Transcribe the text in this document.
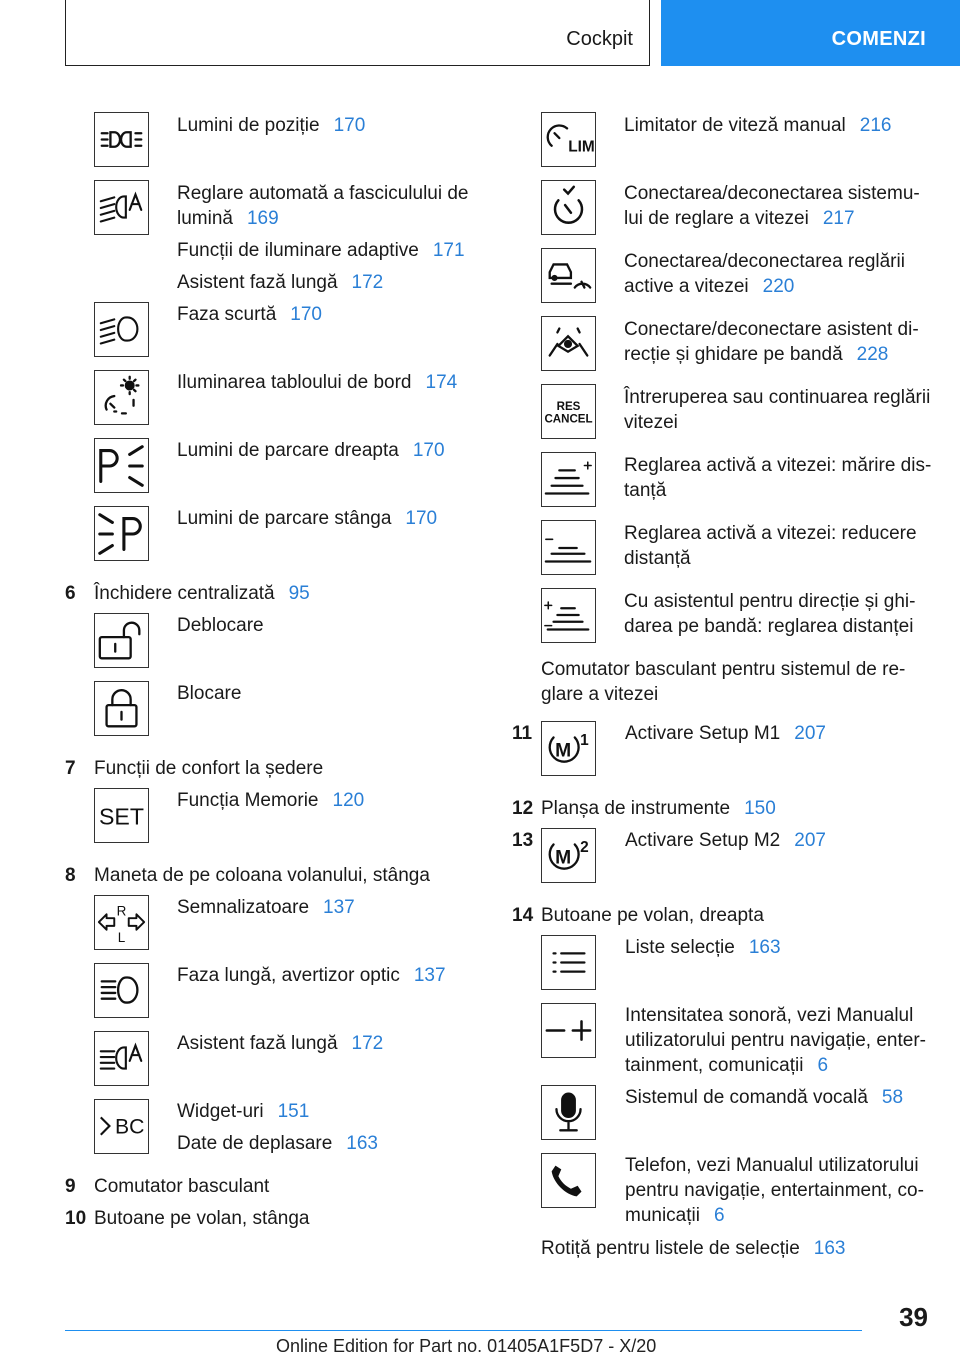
Cockpit	COMENZI
Lumini de poziție 170
Reglare automată a fasciculului de
lumină 169
Funcții de iluminare adaptive 171
Asistent fază lungă 172
Faza scurtă 170
Iluminarea tabloului de bord 174
Lumini de parcare dreapta 170
Lumini de parcare stânga 170
6 Închidere centralizată 95
Deblocare
Blocare
7 Funcții de confort la ședere
SET
Funcția Memorie 120
8 Maneta de pe coloana volanului, stânga
R
L
Semnalizatoare 137
Faza lungă, avertizor optic 137
Asistent fază lungă 172
BC
Widget-uri 151
Date de deplasare 163
9 Comutator basculant
10 Butoane pe volan, stânga
LIM
Limitator de viteză manual 216
Conectarea/deconectarea sistemu-
lui de reglare a vitezei 217
Conectarea/deconectarea reglării
active a vitezei 220
Conectare/deconectare asistent di-
recție și ghidare pe bandă 228
RES
CANCEL
Întreruperea sau continuarea reglării
vitezei
Reglarea activă a vitezei: mărire dis-
tanță
Reglarea activă a vitezei: reducere
distanță
Cu asistentul pentru direcție și ghi-
darea pe bandă: reglarea distanței
Comutator basculant pentru sistemul de re-
glare a vitezei
11
M
1 Activare Setup M1 207
12 Planșa de instrumente 150
13
M
2 Activare Setup M2 207
14 Butoane pe volan, dreapta
Liste selecție 163
Intensitatea sonoră, vezi Manualul
utilizatorului pentru navigație, enter-
tainment, comunicații 6
Sistemul de comandă vocală 58
Telefon, vezi Manualul utilizatorului
pentru navigație, entertainment, co-
municații 6
Rotiță pentru listele de selecție 163
39
Online Edition for Part no. 01405A1F5D7 - X/20
